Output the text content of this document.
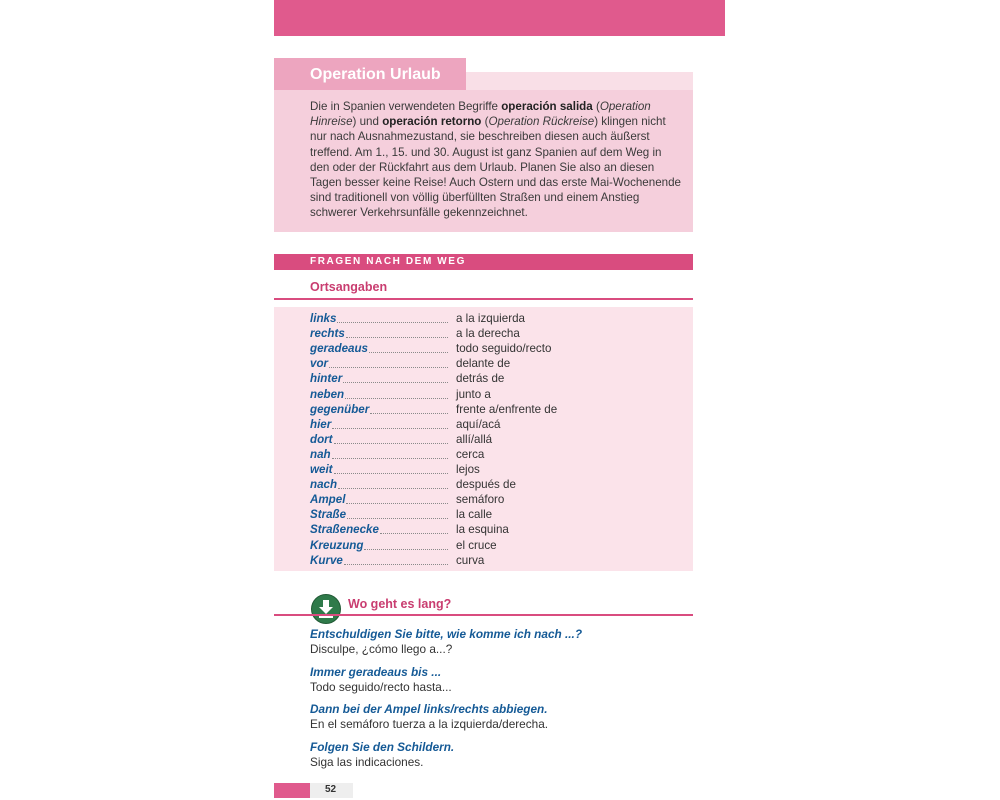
Operation Urlaub
Die in Spanien verwendeten Begriffe operación salida (Operation Hinreise) und operación retorno (Operation Rückreise) klingen nicht nur nach Ausnahmezustand, sie beschreiben diesen auch äußerst treffend. Am 1., 15. und 30. August ist ganz Spanien auf dem Weg in den oder der Rückfahrt aus dem Urlaub. Planen Sie also an diesen Tagen besser keine Reise! Auch Ostern und das erste Mai-Wochenende sind traditionell von völlig überfüllten Straßen und einem Anstieg schwerer Verkehrsunfälle gekennzeichnet.
FRAGEN NACH DEM WEG
Ortsangaben
links	a la izquierda
rechts	a la derecha
geradeaus	todo seguido/recto
vor	delante de
hinter	detrás de
neben	junto a
gegenüber	frente a/enfrente de
hier	aquí/acá
dort	allí/allá
nah	cerca
weit	lejos
nach	después de
Ampel	semáforo
Straße	la calle
Straßenecke	la esquina
Kreuzung	el cruce
Kurve	curva
Wo geht es lang?
Entschuldigen Sie bitte, wie komme ich nach ...?
Disculpe, ¿cómo llego a...?
Immer geradeaus bis ...
Todo seguido/recto hasta...
Dann bei der Ampel links/rechts abbiegen.
En el semáforo tuerza a la izquierda/derecha.
Folgen Sie den Schildern.
Siga las indicaciones.
52
